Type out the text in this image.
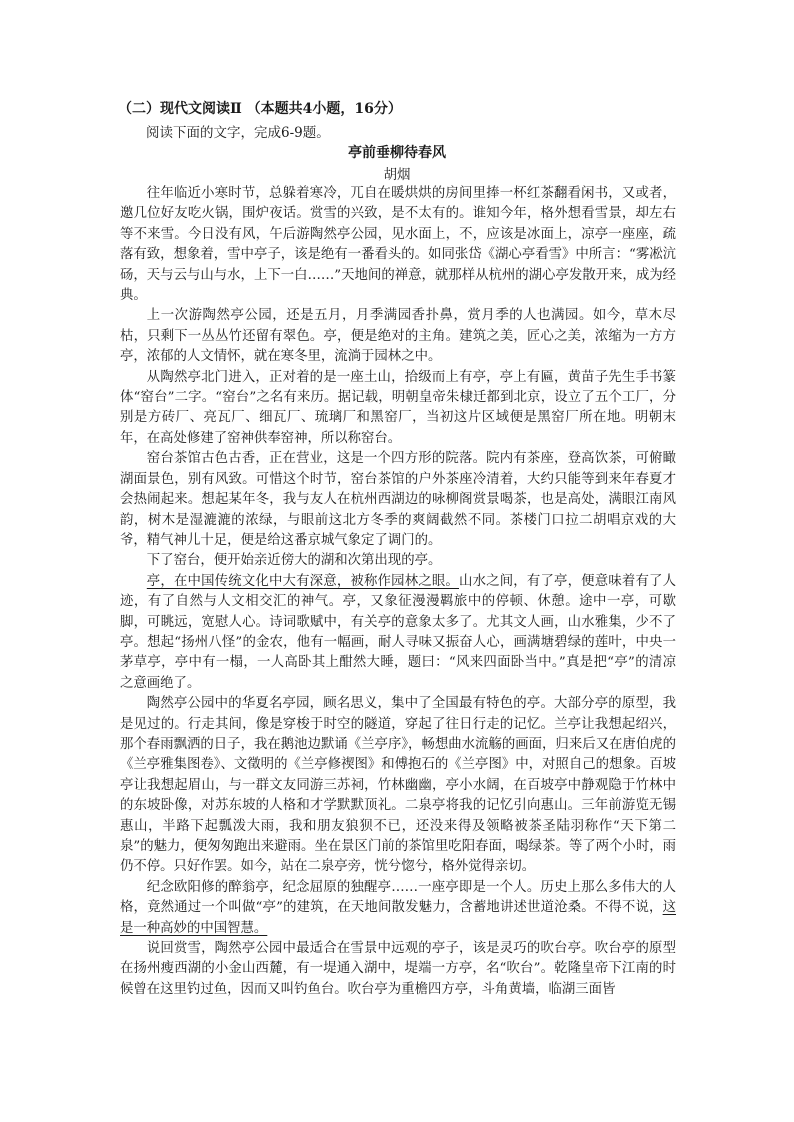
（二）现代文阅读Ⅱ （本题共4小题，16分）
阅读下面的文字，完成6-9题。
亭前垂柳待春风
胡烟

往年临近小寒时节，总躲着寒冷，兀自在暖烘烘的房间里捧一杯红茶翻看闲书，又或者，邀几位好友吃火锅，围炉夜话。赏雪的兴致，是不太有的。谁知今年，格外想看雪景，却左右等不来雪。今日没有风，午后游陶然亭公园，见水面上，不，应该是冰面上，凉亭一座座，疏落有致，想象着，雪中亭子，该是绝有一番看头的。如同张岱《湖心亭看雪》中所言：“雾凇沆砀，天与云与山与水，上下一白……”天地间的禅意，就那样从杭州的湖心亭发散开来，成为经典。

上一次游陶然亭公园，还是五月，月季满园香扑鼻，赏月季的人也满园。如今，草木尽枯，只剩下一丛丛竹还留有翠色。亭，便是绝对的主角。建筑之美，匠心之美，浓缩为一方方亭，浓郁的人文情怀，就在寒冬里，流淌于园林之中。

从陶然亭北门进入，正对着的是一座土山，拾级而上有亭，亭上有匾，黄苗子先生手书篆体“窑台”二字。“窑台”之名有来历。据记载，明朝皇帝朱棣迁都到北京，设立了五个工厂，分别是方砖厂、亮瓦厂、细瓦厂、琉璃厂和黑窑厂，当初这片区域便是黑窑厂所在地。明朝末年，在高处修建了窑神供奉窑神，所以称窑台。

窑台茶馆古色古香，正在营业，这是一个四方形的院落。院内有茶座，登高饮茶，可俯瞰湖面景色，别有风致。可惜这个时节，窑台茶馆的户外茶座冷清着，大约只能等到来年春夏才会热闹起来。想起某年冬，我与友人在杭州西湖边的咏柳阁赏景喝茶，也是高处，满眼江南风韵，树木是湿漉漉的浓绿，与眼前这北方冬季的爽阔截然不同。茶楼门口拉二胡唱京戏的大爷，精气神儿十足，便是给这番京城气象定了调门的。

下了窑台，便开始亲近傍大的湖和次第出现的亭。

亭，在中国传统文化中大有深意，被称作园林之眼。山水之间，有了亭，便意味着有了人迹，有了自然与人文相交汇的神气。亭，又象征漫漫羁旅中的停顿、休憩。途中一亭，可歇脚，可眺远，宽慰人心。诗词歌赋中，有关亭的意象太多了。尤其文人画，山水雅集，少不了亭。想起“扬州八怪”的金农，他有一幅画，耐人寻味又振奋人心，画满塘碧绿的莲叶，中央一茅草亭，亭中有一榻，一人高卧其上酣然大睡，题曰：“风来四面卧当中。”真是把“亭”的清凉之意画绝了。

陶然亭公园中的华夏名亭园，顾名思义，集中了全国最有特色的亭。大部分亭的原型，我是见过的。行走其间，像是穿梭于时空的隧道，穿起了往日行走的记忆。兰亭让我想起绍兴，那个春雨飘洒的日子，我在鹅池边默诵《兰亭序》，畅想曲水流觞的画面，归来后又在唐伯虎的《兰亭雅集图卷》、文徵明的《兰亭修禊图》和傅抱石的《兰亭图》中，对照自己的想象。百坡亭让我想起眉山，与一群文友同游三苏祠，竹林幽幽，亭小水阔，在百坡亭中静观隐于竹林中的东坡卧像，对苏东坡的人格和才学默默顶礼。二泉亭将我的记忆引向惠山。三年前游览无锡惠山，半路下起瓢泼大雨，我和朋友狼狈不已，还没来得及领略被茶圣陆羽称作“天下第二泉”的魅力，便匆匆跑出来避雨。坐在景区门前的茶馆里吃阳春面，喝绿茶。等了两个小时，雨仍不停。只好作罢。如今，站在二泉亭旁，恍兮惚兮，格外觉得亲切。

纪念欧阳修的醉翁亭，纪念屈原的独醒亭……一座亭即是一个人。历史上那么多伟大的人格，竟然通过一个叫做“亭”的建筑，在天地间散发魅力，含蓄地讲述世道沧桑。不得不说，这是一种高妙的中国智慧。

说回赏雪，陶然亭公园中最适合在雪景中远观的亭子，该是灵巧的吹台亭。吹台亭的原型在扬州瘦西湖的小金山西麓，有一堤通入湖中，堤端一方亭，名“吹台”。乾隆皇帝下江南的时候曾在这里钓过鱼，因而又叫钓鱼台。吹台亭为重檐四方亭，斗角黄墙，临湖三面皆
